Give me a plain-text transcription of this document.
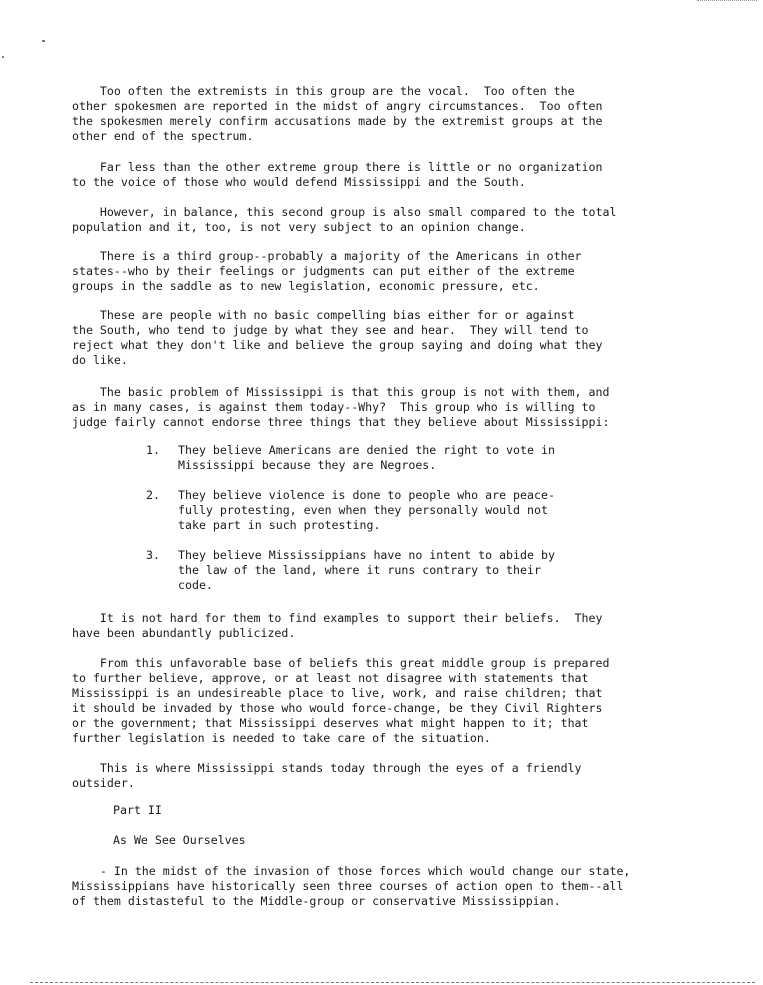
Too often the extremists in this group are the vocal.  Too often the
other spokesmen are reported in the midst of angry circumstances.  Too often
the spokesmen merely confirm accusations made by the extremist groups at the
other end of the spectrum.
Far less than the other extreme group there is little or no organization
to the voice of those who would defend Mississippi and the South.
However, in balance, this second group is also small compared to the total
population and it, too, is not very subject to an opinion change.
There is a third group--probably a majority of the Americans in other
states--who by their feelings or judgments can put either of the extreme
groups in the saddle as to new legislation, economic pressure, etc.
These are people with no basic compelling bias either for or against
the South, who tend to judge by what they see and hear.  They will tend to
reject what they don't like and believe the group saying and doing what they
do like.
The basic problem of Mississippi is that this group is not with them, and
as in many cases, is against them today--Why?  This group who is willing to
judge fairly cannot endorse three things that they believe about Mississippi:

1.

They believe Americans are denied the right to vote in
Mississippi because they are Negroes.

2.

They believe violence is done to people who are peace-
fully protesting, even when they personally would not
take part in such protesting.

3.

They believe Mississippians have no intent to abide by
the law of the land, where it runs contrary to their
code.

It is not hard for them to find examples to support their beliefs.  They
have been abundantly publicized.
From this unfavorable base of beliefs this great middle group is prepared
to further believe, approve, or at least not disagree with statements that
Mississippi is an undesireable place to live, work, and raise children; that
it should be invaded by those who would force-change, be they Civil Righters
or the government; that Mississippi deserves what might happen to it; that
further legislation is needed to take care of the situation.
This is where Mississippi stands today through the eyes of a friendly
outsider.
Part II
As We See Ourselves
- In the midst of the invasion of those forces which would change our state,
Mississippians have historically seen three courses of action open to them--all
of them distasteful to the Middle-group or conservative Mississippian.
